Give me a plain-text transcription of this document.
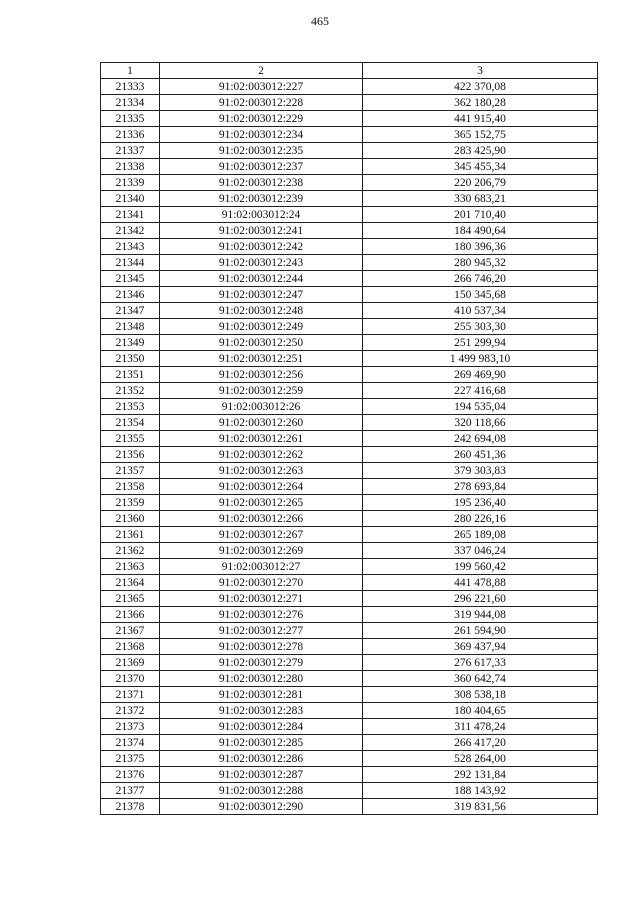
465
1	2	3
21333	91:02:003012:227	422 370,08
21334	91:02:003012:228	362 180,28
21335	91:02:003012:229	441 915,40
21336	91:02:003012:234	365 152,75
21337	91:02:003012:235	283 425,90
21338	91:02:003012:237	345 455,34
21339	91:02:003012:238	220 206,79
21340	91:02:003012:239	330 683,21
21341	91:02:003012:24	201 710,40
21342	91:02:003012:241	184 490,64
21343	91:02:003012:242	180 396,36
21344	91:02:003012:243	280 945,32
21345	91:02:003012:244	266 746,20
21346	91:02:003012:247	150 345,68
21347	91:02:003012:248	410 537,34
21348	91:02:003012:249	255 303,30
21349	91:02:003012:250	251 299,94
21350	91:02:003012:251	1 499 983,10
21351	91:02:003012:256	269 469,90
21352	91:02:003012:259	227 416,68
21353	91:02:003012:26	194 535,04
21354	91:02:003012:260	320 118,66
21355	91:02:003012:261	242 694,08
21356	91:02:003012:262	260 451,36
21357	91:02:003012:263	379 303,83
21358	91:02:003012:264	278 693,84
21359	91:02:003012:265	195 236,40
21360	91:02:003012:266	280 226,16
21361	91:02:003012:267	265 189,08
21362	91:02:003012:269	337 046,24
21363	91:02:003012:27	199 560,42
21364	91:02:003012:270	441 478,88
21365	91:02:003012:271	296 221,60
21366	91:02:003012:276	319 944,08
21367	91:02:003012:277	261 594,90
21368	91:02:003012:278	369 437,94
21369	91:02:003012:279	276 617,33
21370	91:02:003012:280	360 642,74
21371	91:02:003012:281	308 538,18
21372	91:02:003012:283	180 404,65
21373	91:02:003012:284	311 478,24
21374	91:02:003012:285	266 417,20
21375	91:02:003012:286	528 264,00
21376	91:02:003012:287	292 131,84
21377	91:02:003012:288	188 143,92
21378	91:02:003012:290	319 831,56
